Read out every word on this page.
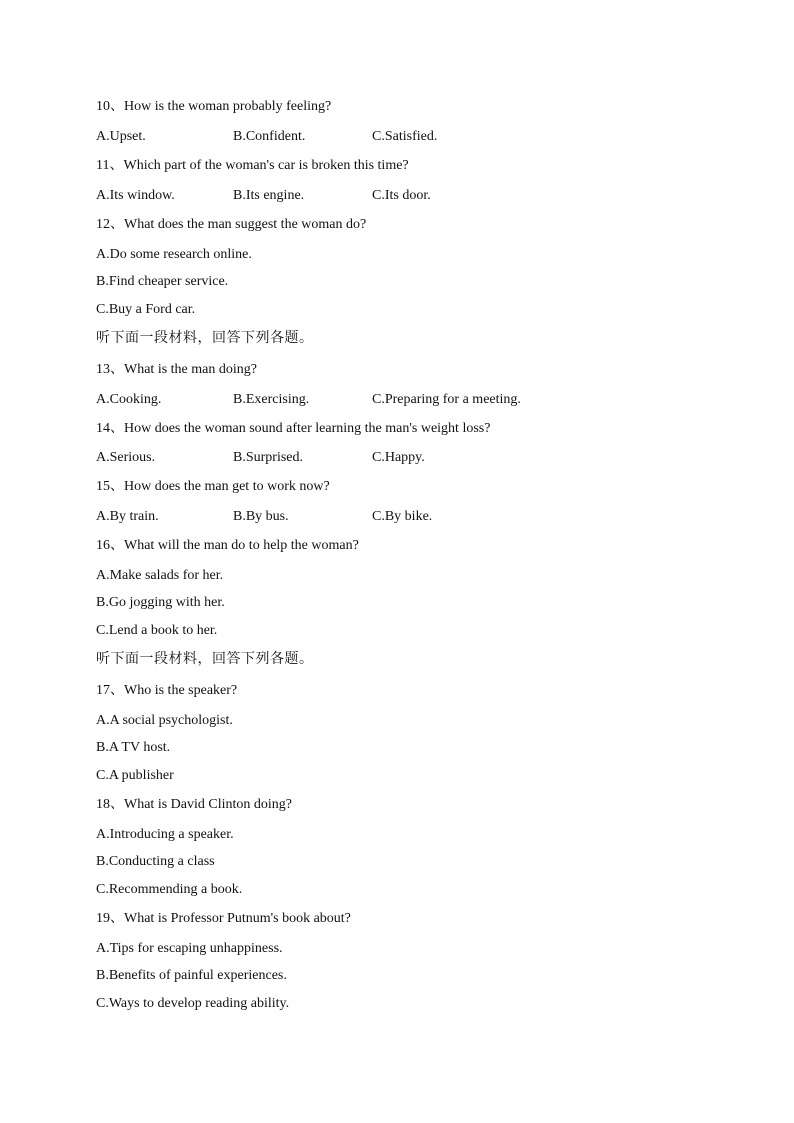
10、How is the woman probably feeling?
A.Upset.	B.Confident.	C.Satisfied.
11、Which part of the woman's car is broken this time?
A.Its window.	B.Its engine.	C.Its door.
12、What does the man suggest the woman do?
A.Do some research online.
B.Find cheaper service.
C.Buy a Ford car.
听下面一段材料，回答下列各题。
13、What is the man doing?
A.Cooking.	B.Exercising.	C.Preparing for a meeting.
14、How does the woman sound after learning the man's weight loss?
A.Serious.	B.Surprised.	C.Happy.
15、How does the man get to work now?
A.By train.	B.By bus.	C.By bike.
16、What will the man do to help the woman?
A.Make salads for her.
B.Go jogging with her.
C.Lend a book to her.
听下面一段材料，回答下列各题。
17、Who is the speaker?
A.A social psychologist.
B.A TV host.
C.A publisher
18、What is David Clinton doing?
A.Introducing a speaker.
B.Conducting a class
C.Recommending a book.
19、What is Professor Putnum's book about?
A.Tips for escaping unhappiness.
B.Benefits of painful experiences.
C.Ways to develop reading ability.
